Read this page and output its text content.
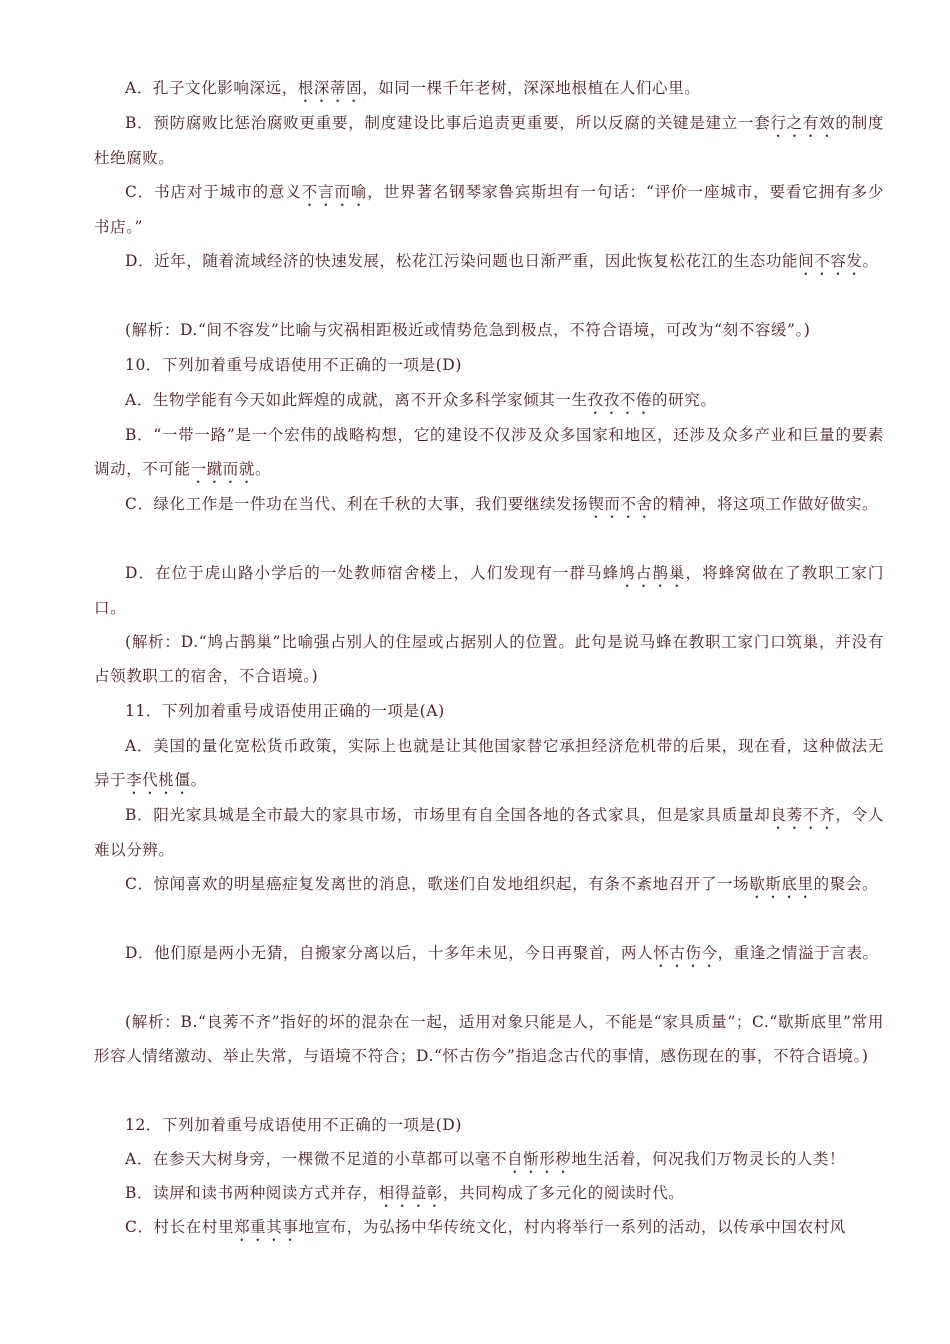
A．孔子文化影响深远，根深蒂固，如同一棵千年老树，深深地根植在人们心里。

B．预防腐败比惩治腐败更重要，制度建设比事后追责更重要，所以反腐的关键是建立一套行之有效的制度杜绝腐败。

C．书店对于城市的意义不言而喻，世界著名钢琴家鲁宾斯坦有一句话：“评价一座城市，要看它拥有多少书店。”

D．近年，随着流域经济的快速发展，松花江污染问题也日渐严重，因此恢复松花江的生态功能间不容发。

(解析：D.“间不容发”比喻与灾祸相距极近或情势危急到极点，不符合语境，可改为“刻不容缓”。)

10．下列加着重号成语使用不正确的一项是(D)

A．生物学能有今天如此辉煌的成就，离不开众多科学家倾其一生孜孜不倦的研究。

B．“一带一路”是一个宏伟的战略构想，它的建设不仅涉及众多国家和地区，还涉及众多产业和巨量的要素调动，不可能一蹴而就。

C．绿化工作是一件功在当代、利在千秋的大事，我们要继续发扬锲而不舍的精神，将这项工作做好做实。

D．在位于虎山路小学后的一处教师宿舍楼上，人们发现有一群马蜂鸠占鹊巢，将蜂窝做在了教职工家门口。

(解析：D.“鸠占鹊巢”比喻强占别人的住屋或占据别人的位置。此句是说马蜂在教职工家门口筑巢，并没有占领教职工的宿舍，不合语境。)

11．下列加着重号成语使用正确的一项是(A)

A．美国的量化宽松货币政策，实际上也就是让其他国家替它承担经济危机带的后果，现在看，这种做法无异于李代桃僵。

B．阳光家具城是全市最大的家具市场，市场里有自全国各地的各式家具，但是家具质量却良莠不齐，令人难以分辨。

C．惊闻喜欢的明星癌症复发离世的消息，歌迷们自发地组织起，有条不紊地召开了一场歇斯底里的聚会。

D．他们原是两小无猜，自搬家分离以后，十多年未见，今日再聚首，两人怀古伤今，重逢之情溢于言表。

(解析：B.“良莠不齐”指好的坏的混杂在一起，适用对象只能是人，不能是“家具质量”；C.“歇斯底里”常用形容人情绪激动、举止失常，与语境不符合；D.“怀古伤今”指追念古代的事情，感伤现在的事，不符合语境。)

12．下列加着重号成语使用不正确的一项是(D)

A．在参天大树身旁，一棵微不足道的小草都可以毫不自惭形秽地生活着，何况我们万物灵长的人类！

B．读屏和读书两种阅读方式并存，相得益彰，共同构成了多元化的阅读时代。

C．村长在村里郑重其事地宣布，为弘扬中华传统文化，村内将举行一系列的活动，以传承中国农村风
